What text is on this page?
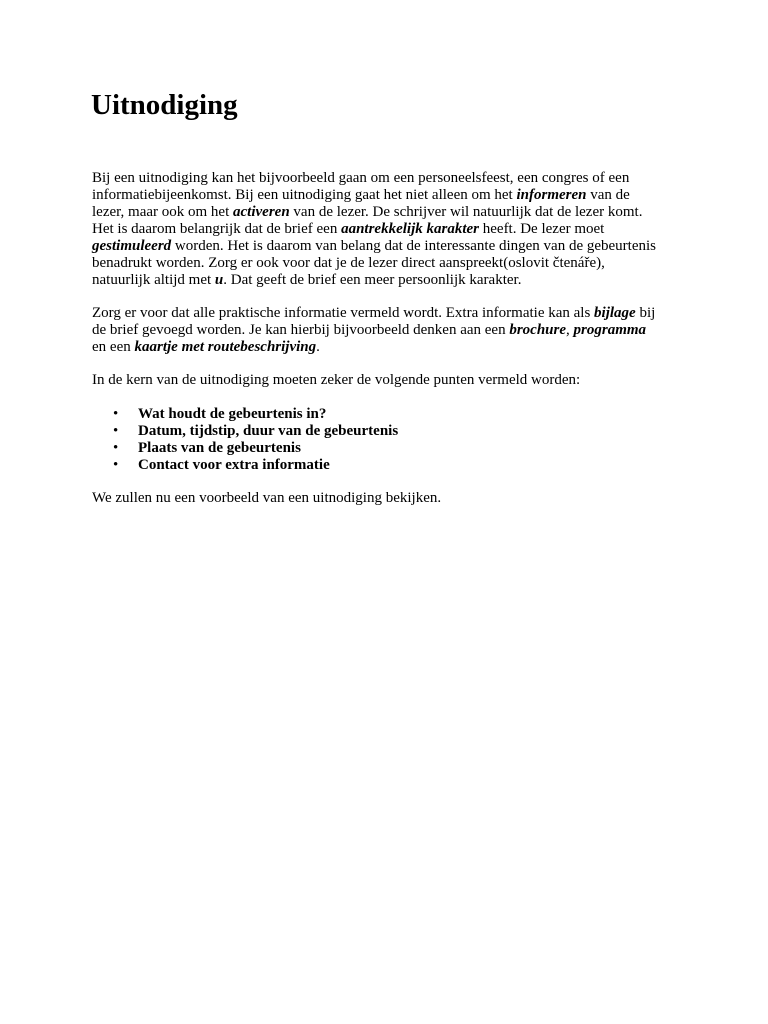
Uitnodiging
Bij een uitnodiging kan het bijvoorbeeld gaan om een personeelsfeest, een congres of een
informatiebijeenkomst. Bij een uitnodiging gaat het niet alleen om het informeren van de
lezer, maar ook om het activeren van de lezer. De schrijver wil natuurlijk dat de lezer komt.
Het is daarom belangrijk dat de brief een aantrekkelijk karakter heeft. De lezer moet
gestimuleerd worden. Het is daarom van belang dat de interessante dingen van de gebeurtenis
benadrukt worden. Zorg er ook voor dat je de lezer direct aanspreekt(oslovit čtenáře),
natuurlijk altijd met u. Dat geeft de brief een meer persoonlijk karakter.
Zorg er voor dat alle praktische informatie vermeld wordt. Extra informatie kan als bijlage bij
de brief gevoegd worden. Je kan hierbij bijvoorbeeld denken aan een brochure, programma
en een kaartje met routebeschrijving.
In de kern van de uitnodiging moeten zeker de volgende punten vermeld worden:
• Wat houdt de gebeurtenis in?
• Datum, tijdstip, duur van de gebeurtenis
• Plaats van de gebeurtenis
• Contact voor extra informatie
We zullen nu een voorbeeld van een uitnodiging bekijken.
